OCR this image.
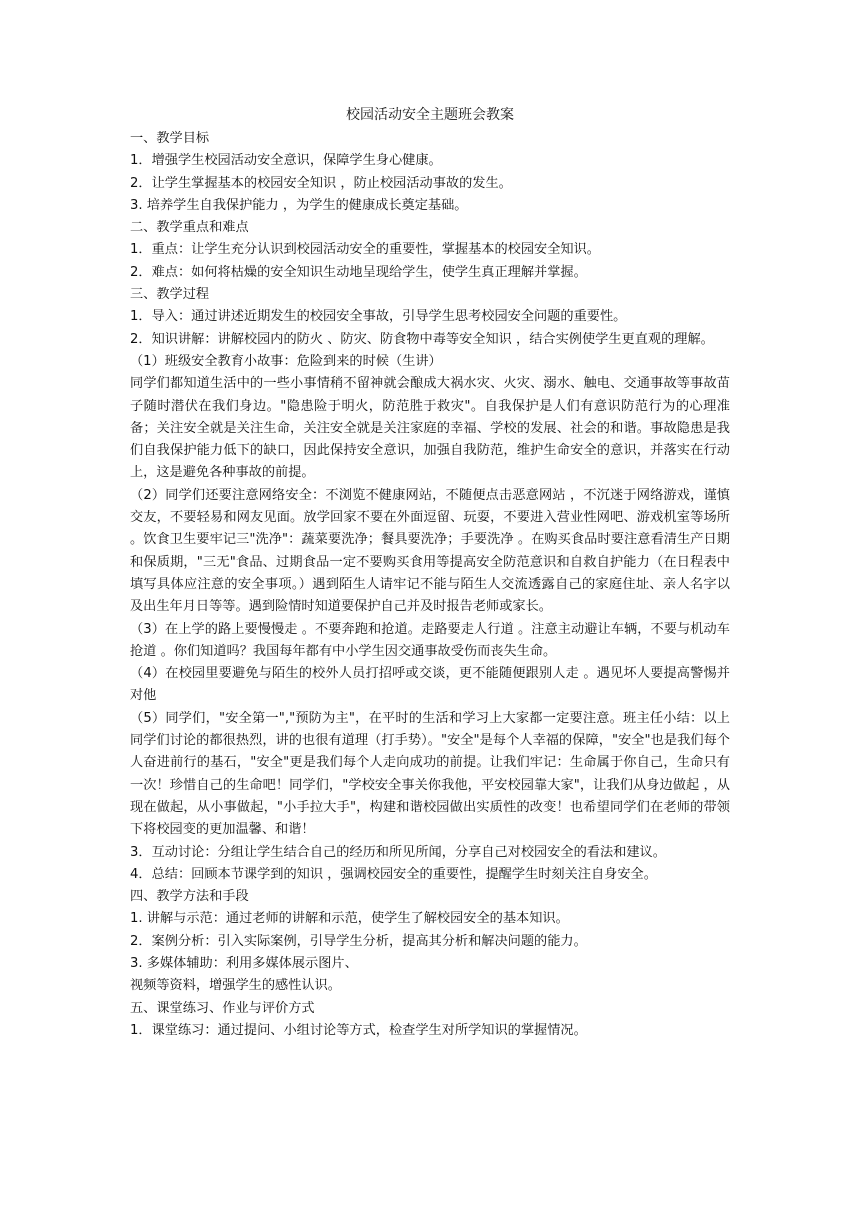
校园活动安全主题班会教案

一、教学目标

1．增强学生校园活动安全意识，保障学生身心健康。

2．让学生掌握基本的校园安全知识 ，防止校园活动事故的发生。

3. 培养学生自我保护能力 ，为学生的健康成长奠定基础。

二、教学重点和难点

1．重点：让学生充分认识到校园活动安全的重要性，掌握基本的校园安全知识。

2．难点：如何将枯燥的安全知识生动地呈现给学生，使学生真正理解并掌握。

三、教学过程

1．导入：通过讲述近期发生的校园安全事故，引导学生思考校园安全问题的重要性。

2．知识讲解：讲解校园内的防火 、防灾、防食物中毒等安全知识 ，结合实例使学生更直观的理解。

（1）班级安全教育小故事：危险到来的时候（生讲）

同学们都知道生活中的一些小事情稍不留神就会酿成大祸水灾、火灾、溺水、触电、交通事故等事故苗子随时潜伏在我们身边。"隐患险于明火，防范胜于救灾"。自我保护是人们有意识防范行为的心理准备；关注安全就是关注生命，关注安全就是关注家庭的幸福、学校的发展、社会的和谐。事故隐患是我们自我保护能力低下的缺口，因此保持安全意识，加强自我防范，维护生命安全的意识，并落实在行动上，这是避免各种事故的前提。

（2）同学们还要注意网络安全：不浏览不健康网站，不随便点击恶意网站 ，不沉迷于网络游戏，谨慎交友，不要轻易和网友见面。放学回家不要在外面逗留、玩耍，不要进入营业性网吧、游戏机室等场所 。饮食卫生要牢记三"洗净"：蔬菜要洗净；餐具要洗净；手要洗净 。在购买食品时要注意看清生产日期和保质期，"三无"食品、过期食品一定不要购买食用等提高安全防范意识和自救自护能力（在日程表中填写具体应注意的安全事项。）遇到陌生人请牢记不能与陌生人交流透露自己的家庭住址、亲人名字以及出生年月日等等。遇到险情时知道要保护自己并及时报告老师或家长。

（3）在上学的路上要慢慢走 。不要奔跑和抢道。走路要走人行道 。注意主动避让车辆，不要与机动车抢道 。你们知道吗？我国每年都有中小学生因交通事故受伤而丧失生命。

（4）在校园里要避免与陌生的校外人员打招呼或交谈，更不能随便跟别人走 。遇见坏人要提高警惕并对他

（5）同学们，"安全第一","预防为主"，在平时的生活和学习上大家都一定要注意。班主任小结：以上同学们讨论的都很热烈，讲的也很有道理（打手势）。"安全"是每个人幸福的保障，"安全"也是我们每个人奋进前行的基石，"安全"更是我们每个人走向成功的前提。让我们牢记：生命属于你自己，生命只有一次！珍惜自己的生命吧！同学们，"学校安全事关你我他，平安校园靠大家"，让我们从身边做起 ，从现在做起，从小事做起，"小手拉大手"，构建和谐校园做出实质性的改变！也希望同学们在老师的带领下将校园变的更加温馨、和谐！

3．互动讨论：分组让学生结合自己的经历和所见所闻，分享自己对校园安全的看法和建议。

4．总结：回顾本节课学到的知识 ，强调校园安全的重要性，提醒学生时刻关注自身安全。

四、教学方法和手段

1. 讲解与示范：通过老师的讲解和示范，使学生了解校园安全的基本知识。

2．案例分析：引入实际案例，引导学生分析，提高其分析和解决问题的能力。

3. 多媒体辅助：利用多媒体展示图片、

视频等资料，增强学生的感性认识。

五、课堂练习、作业与评价方式

1．课堂练习：通过提问、小组讨论等方式，检查学生对所学知识的掌握情况。
